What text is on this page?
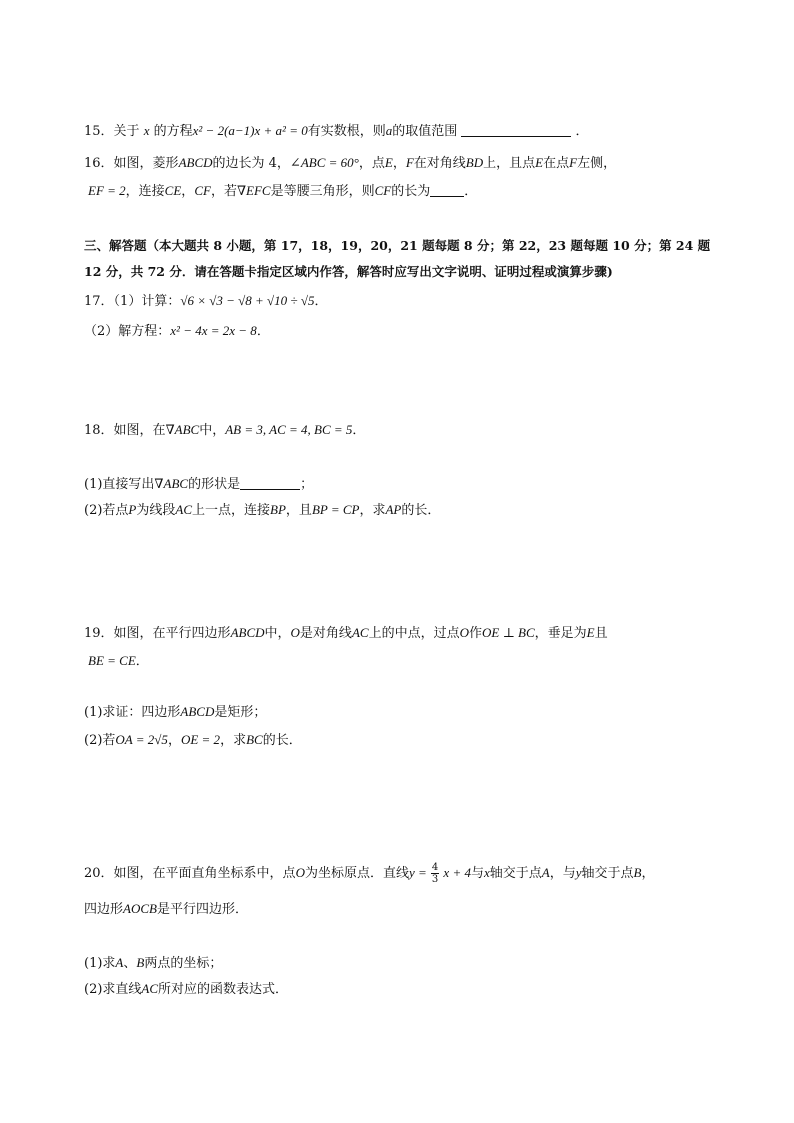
15．关于 x 的方程x² − 2(a−1)x + a² = 0有实数根，则a的取值范围	．
16．如图，菱形ABCD的边长为 4，∠ABC = 60°，点E，F在对角线BD上，且点E在点F左侧，
EF = 2，连接CE，CF，若∇EFC是等腰三角形，则CF的长为	．
三、解答题（本大题共 8 小题，第 17，18，19，20，21 题每题 8 分；第 22，23 题每题 10 分；第 24 题
12 分，共 72 分．请在答题卡指定区域内作答，解答时应写出文字说明、证明过程或演算步骤)
17．（1）计算：√6 × √3 − √8 + √10 ÷ √5．
（2）解方程：x² − 4x = 2x − 8．
18．如图，在∇ABC中，AB = 3, AC = 4, BC = 5．
(1)直接写出∇ABC的形状是	；
(2)若点P为线段AC上一点，连接BP，且BP = CP，求AP的长．
19．如图，在平行四边形ABCD中，O是对角线AC上的中点，过点O作OE ⊥ BC，垂足为E且
BE = CE．
(1)求证：四边形ABCD是矩形；
(2)若OA = 2√5，OE = 2，求BC的长．
20．如图，在平面直角坐标系中，点O为坐标原点．直线$y = \frac{4}{3}$ x + 4与x轴交于点A，与y轴交于点B，
四边形AOCB是平行四边形．
(1)求A、B两点的坐标；
(2)求直线AC所对应的函数表达式．
